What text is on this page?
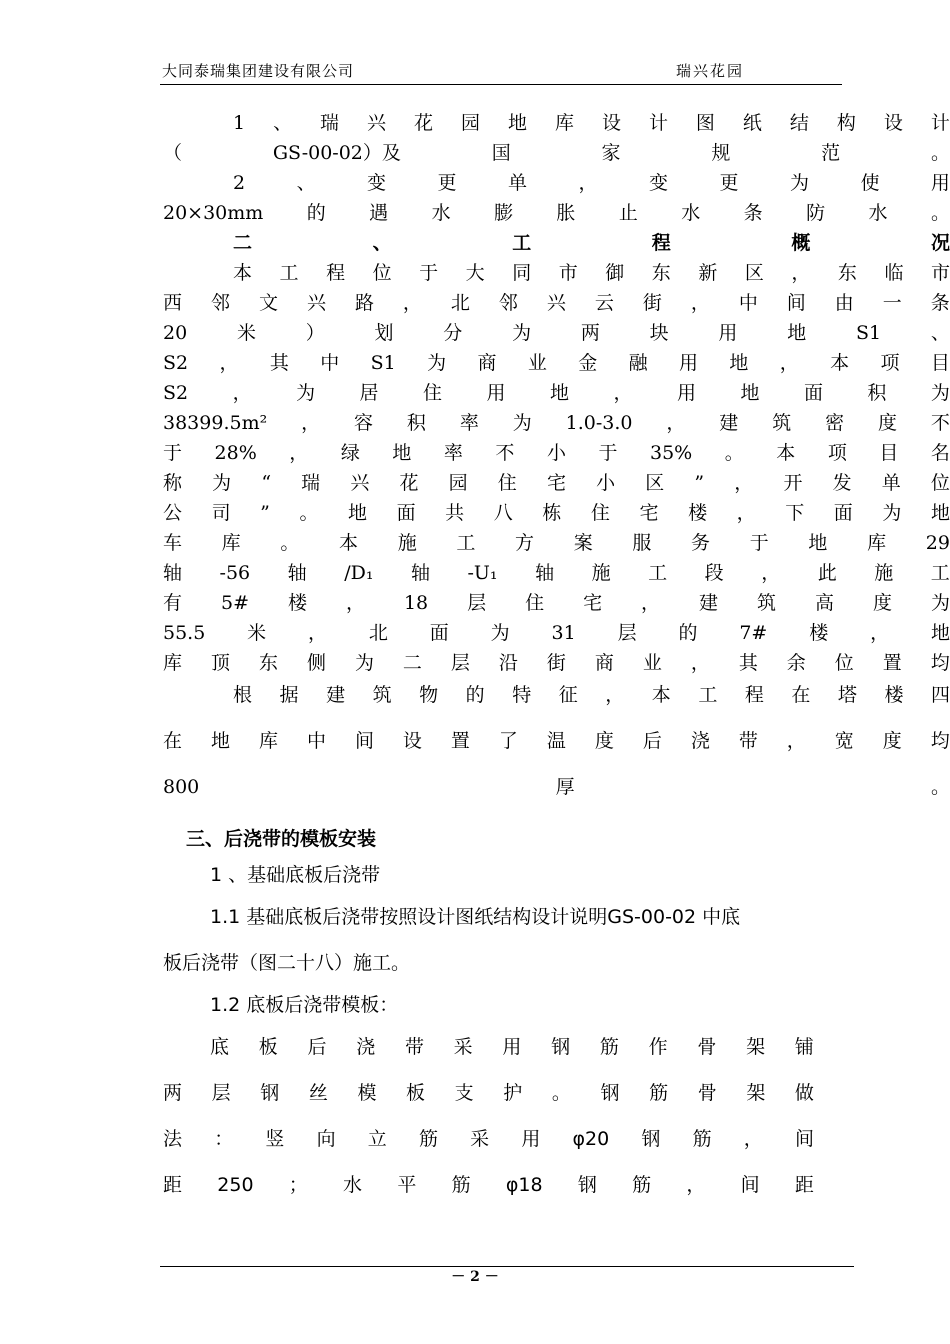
大同泰瑞集团建设有限公司	瑞兴花园
1 、 瑞 兴 花 园 地 库 设 计 图 纸 结 构 设 计
（	GS-00-02）及	国	家	规	范	。
2	、	变	更	单	，	变	更	为	使	用
20×30mm 的 遇 水 膨 胀 止 水 条 防 水 。
二	、	工	程	概	况
本 工 程 位 于 大 同 市 御 东 新 区 ， 东 临 市
西 邻 文 兴 路 ， 北 邻 兴 云 街 ， 中 间 由 一 条
20	米	）	划	分	为	两	块	用	地	S1	、
S2 ， 其 中 S1 为 商 业 金 融 用 地 ， 本 项 目
S2 ， 为 居 住 用 地 ， 用 地 面 积 为
38399.5m² ， 容 积 率 为 1.0-3.0 ， 建 筑 密 度 不
于 28% ， 绿 地 率 不 小 于 35% 。 本 项 目 名
称 为 “ 瑞 兴 花 园 住 宅 小 区 ” ， 开 发 单 位
公 司 ” 。 地 面 共 八 栋 住 宅 楼 ， 下 面 为 地
车 库 。 本 施 工 方 案 服 务 于 地 库 29
轴 -56 轴 /D₁ 轴 -U₁ 轴 施 工 段 ， 此 施 工
有 5# 楼 ， 18 层 住 宅 ， 建 筑 高 度 为
55.5 米 ， 北 面 为 31 层 的 7# 楼 ， 地
库 顶 东 侧 为 二 层 沿 街 商 业 ， 其 余 位 置 均
根 据 建 筑 物 的 特 征 ， 本 工 程 在 塔 楼 四
在 地 库 中 间 设 置 了 温 度 后 浇 带 ， 宽 度 均
800	厚	。
三、后浇带的模板安装
1 、基础底板后浇带
1.1 基础底板后浇带按照设计图纸结构设计说明GS-00-02 中底
板后浇带（图二十八）施工。
1.2 底板后浇带模板：
底 板 后 浇 带 采 用 钢 筋 作 骨 架 铺
两 层 钢 丝 模 板 支 护 。 钢 筋 骨 架 做
法 ： 竖 向 立 筋 采 用 φ20 钢 筋 ， 间
距 250 ； 水 平 筋 φ18 钢 筋 ， 间 距
－ 2 －
